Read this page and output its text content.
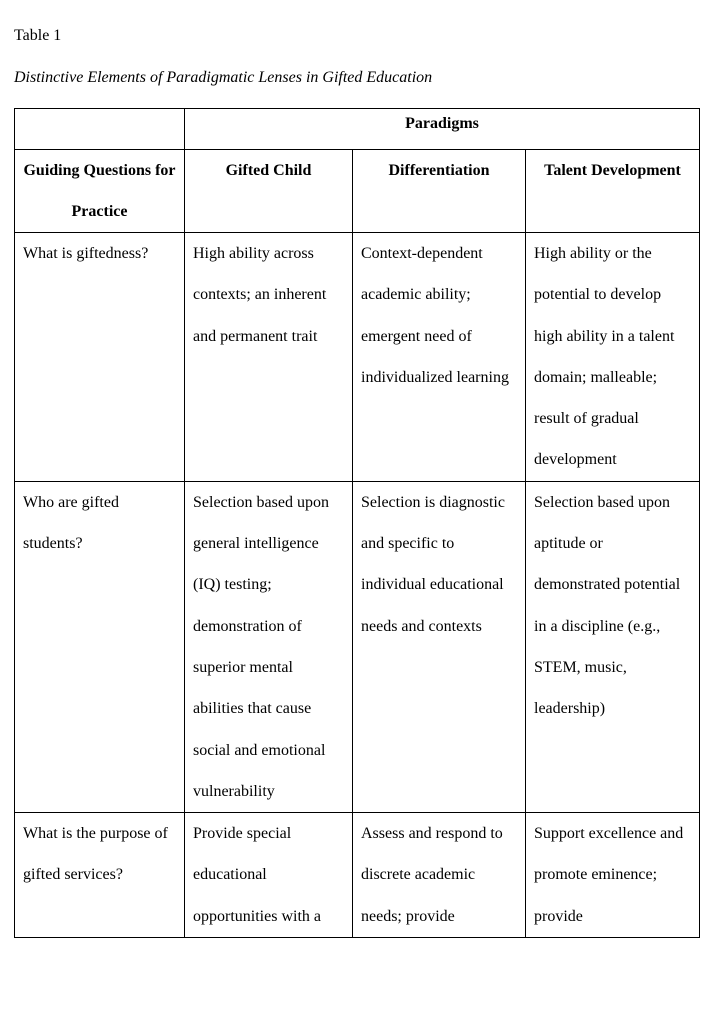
Table 1

Distinctive Elements of Paradigmatic Lenses in Gifted Education

	Paradigms		

Guiding Questions for Practice	Gifted Child	Differentiation	Talent Development

What is giftedness?	High ability across contexts; an inherent and permanent trait	Context-dependent academic ability; emergent need of individualized learning	High ability or the potential to develop high ability in a talent domain; malleable; result of gradual development

Who are gifted students?	Selection based upon general intelligence (IQ) testing; demonstration of superior mental abilities that cause social and emotional vulnerability	Selection is diagnostic and specific to individual educational needs and contexts	Selection based upon aptitude or demonstrated potential in a discipline (e.g., STEM, music, leadership)

What is the purpose of gifted services?	Provide special educational opportunities with a	Assess and respond to discrete academic needs; provide	Support excellence and promote eminence; provide
